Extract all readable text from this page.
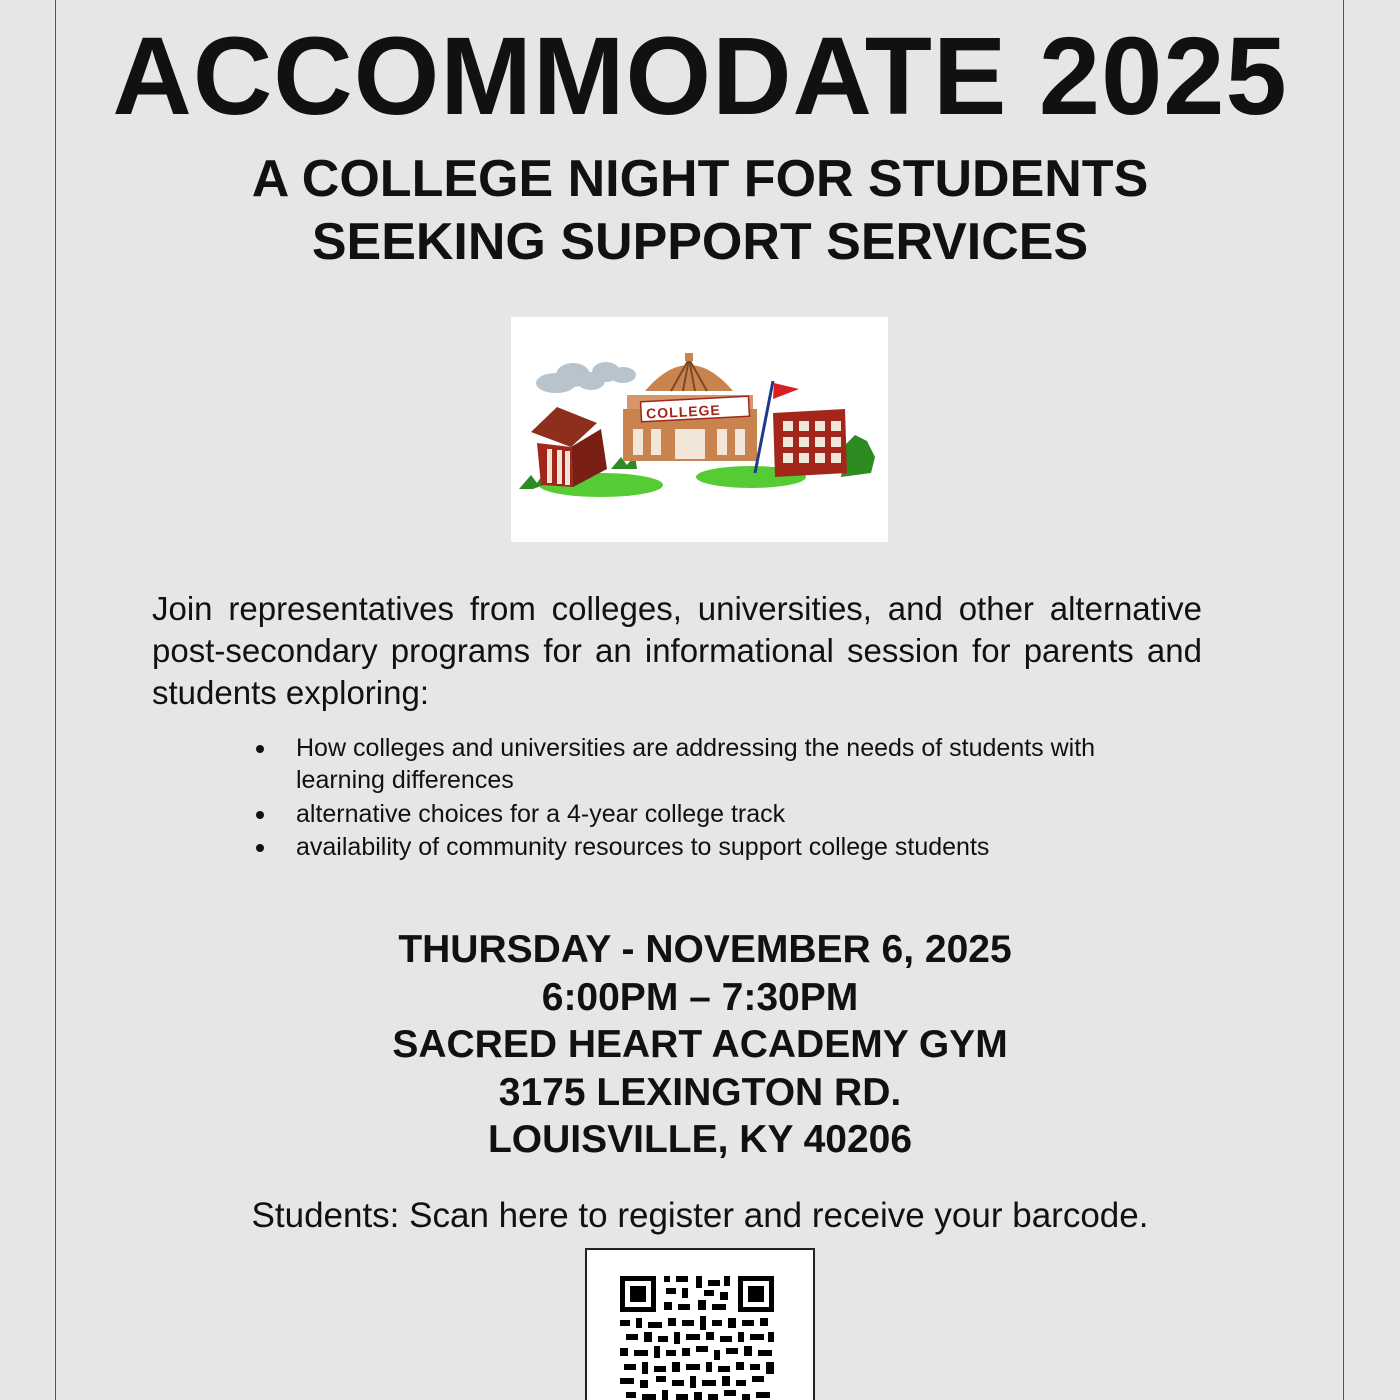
ACCOMMODATE 2025
A COLLEGE NIGHT FOR STUDENTS
SEEKING SUPPORT SERVICES
COLLEGE

Join representatives from colleges, universities, and other alternative post-secondary programs for an informational session for parents and students exploring:

How colleges and universities are addressing the needs of students with learning differences
alternative choices for a 4-year college track
availability of community resources to support college students
THURSDAY - NOVEMBER 6, 2025
6:00PM – 7:30PM
SACRED HEART ACADEMY GYM
3175 LEXINGTON RD.
LOUISVILLE, KY 40206
Students: Scan here to register and receive your barcode.
